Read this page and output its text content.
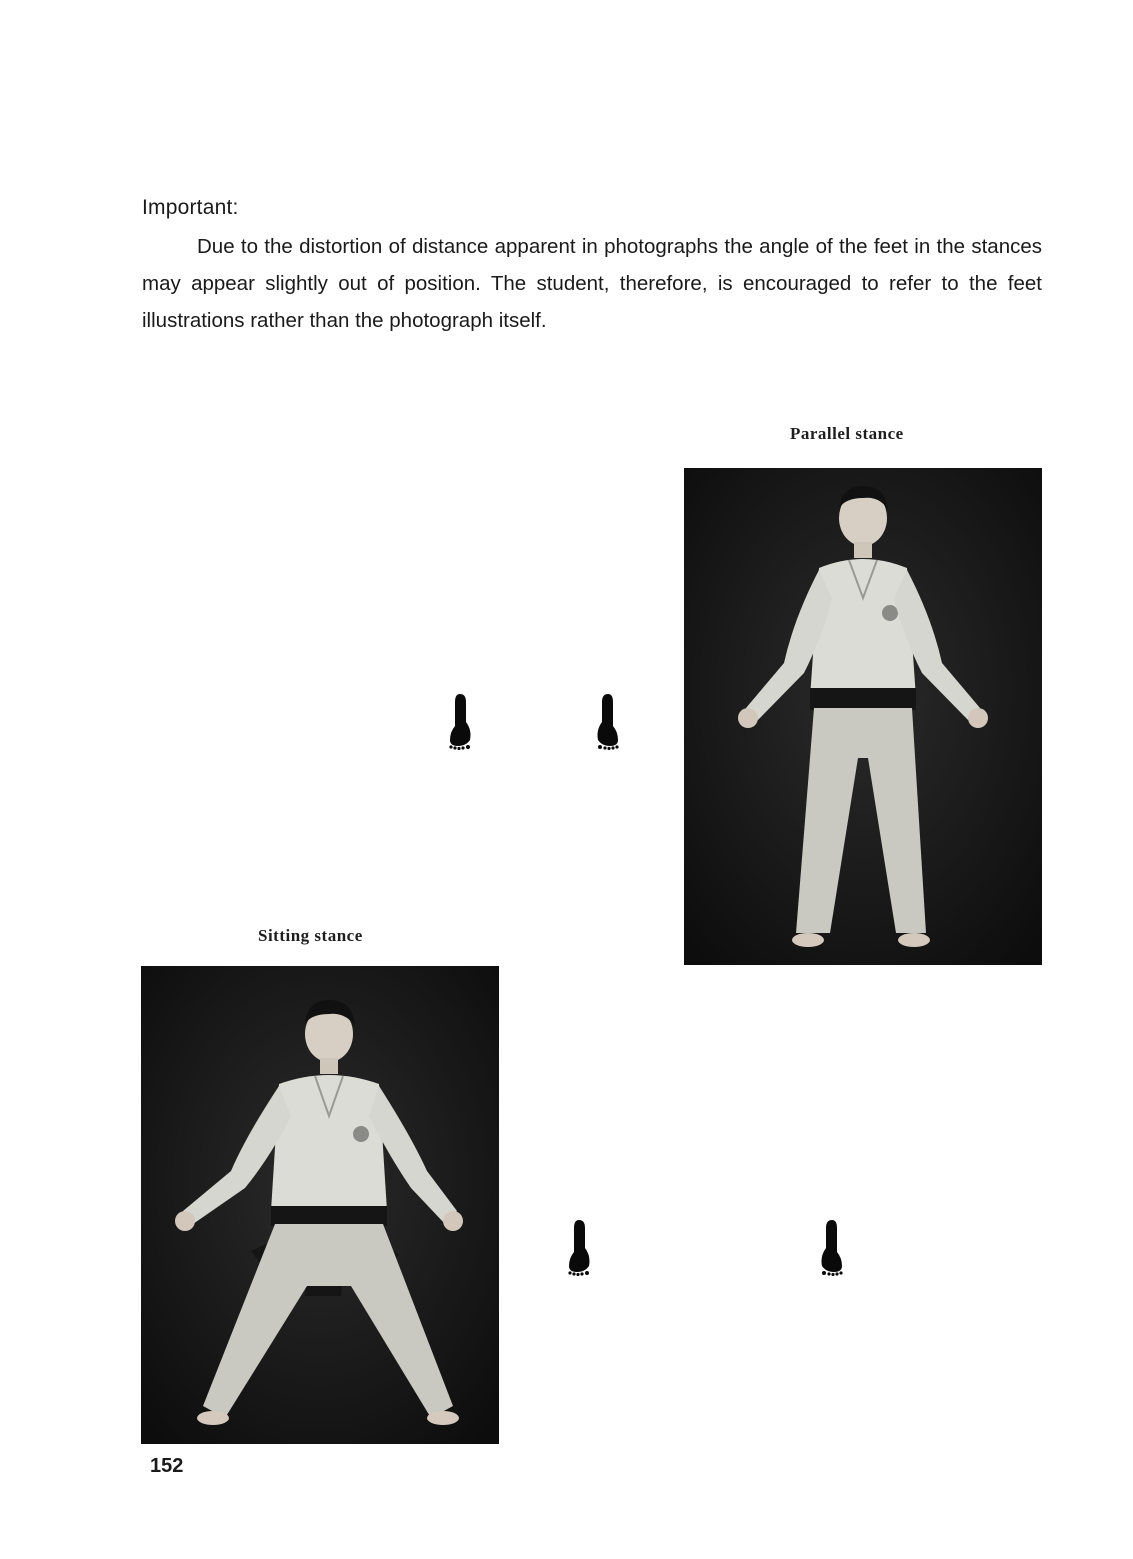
Important:
Due to the distortion of distance apparent in photographs the angle of the feet in the stances may appear slightly out of position. The student, therefore, is encouraged to refer to the feet illustrations rather than the photograph itself.
Parallel stance
Sitting stance
152
